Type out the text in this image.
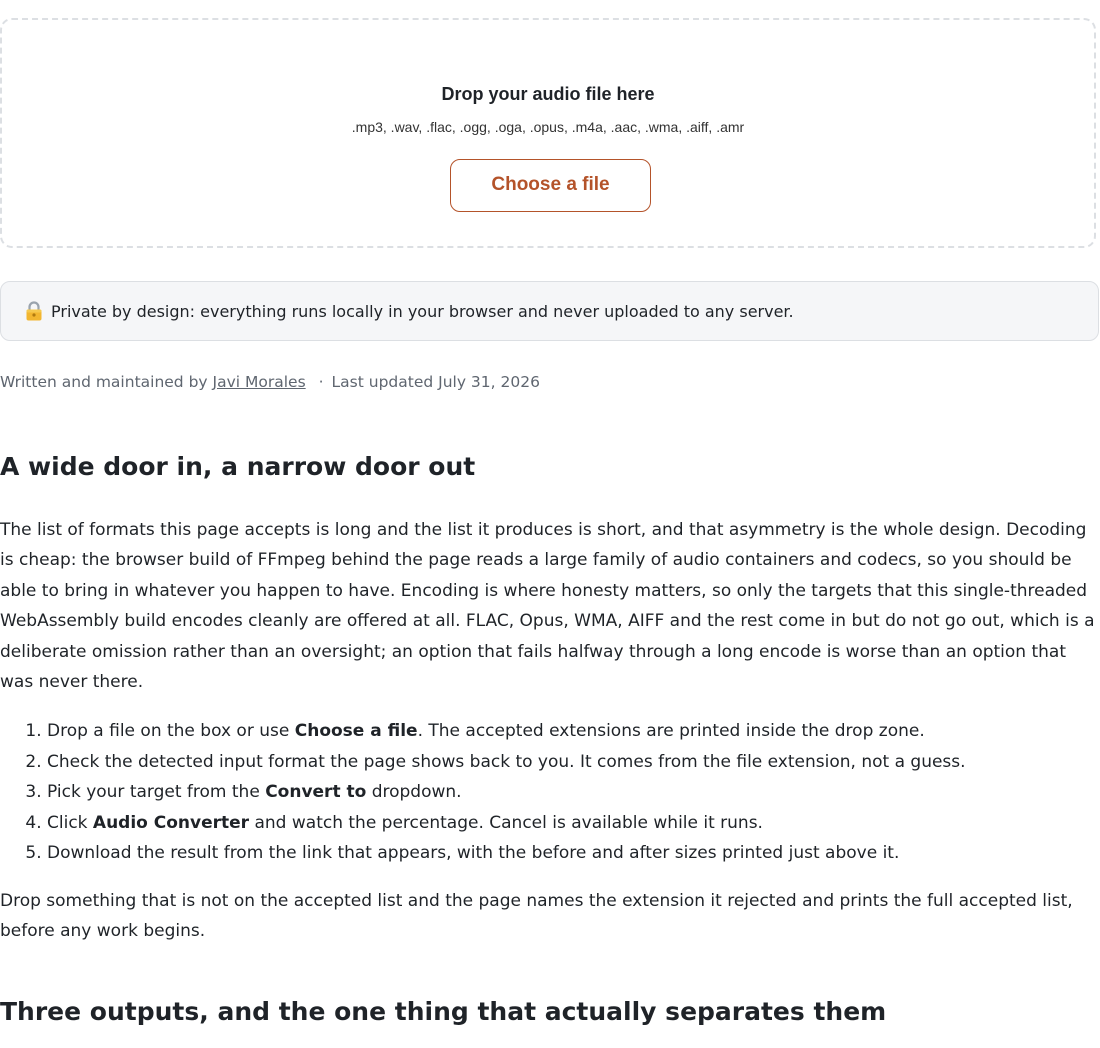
Drop your audio file here
.mp3, .wav, .flac, .ogg, .oga, .opus, .m4a, .aac, .wma, .aiff, .amr
Choose a file
Private by design: everything runs locally in your browser and never uploaded to any server.
Written and maintained by Javi Morales · Last updated July 31, 2026
A wide door in, a narrow door out

The list of formats this page accepts is long and the list it produces is short, and that asymmetry is the whole design. Decoding is cheap: the browser build of FFmpeg behind the page reads a large family of audio containers and codecs, so you should be able to bring in whatever you happen to have. Encoding is where honesty matters, so only the targets that this single-threaded WebAssembly build encodes cleanly are offered at all. FLAC, Opus, WMA, AIFF and the rest come in but do not go out, which is a deliberate omission rather than an oversight; an option that fails halfway through a long encode is worse than an option that was never there.

1. Drop a file on the box or use Choose a file. The accepted extensions are printed inside the drop zone.
2. Check the detected input format the page shows back to you. It comes from the file extension, not a guess.
3. Pick your target from the Convert to dropdown.
4. Click Audio Converter and watch the percentage. Cancel is available while it runs.
5. Download the result from the link that appears, with the before and after sizes printed just above it.

Drop something that is not on the accepted list and the page names the extension it rejected and prints the full accepted list, before any work begins.

Three outputs, and the one thing that actually separates them
